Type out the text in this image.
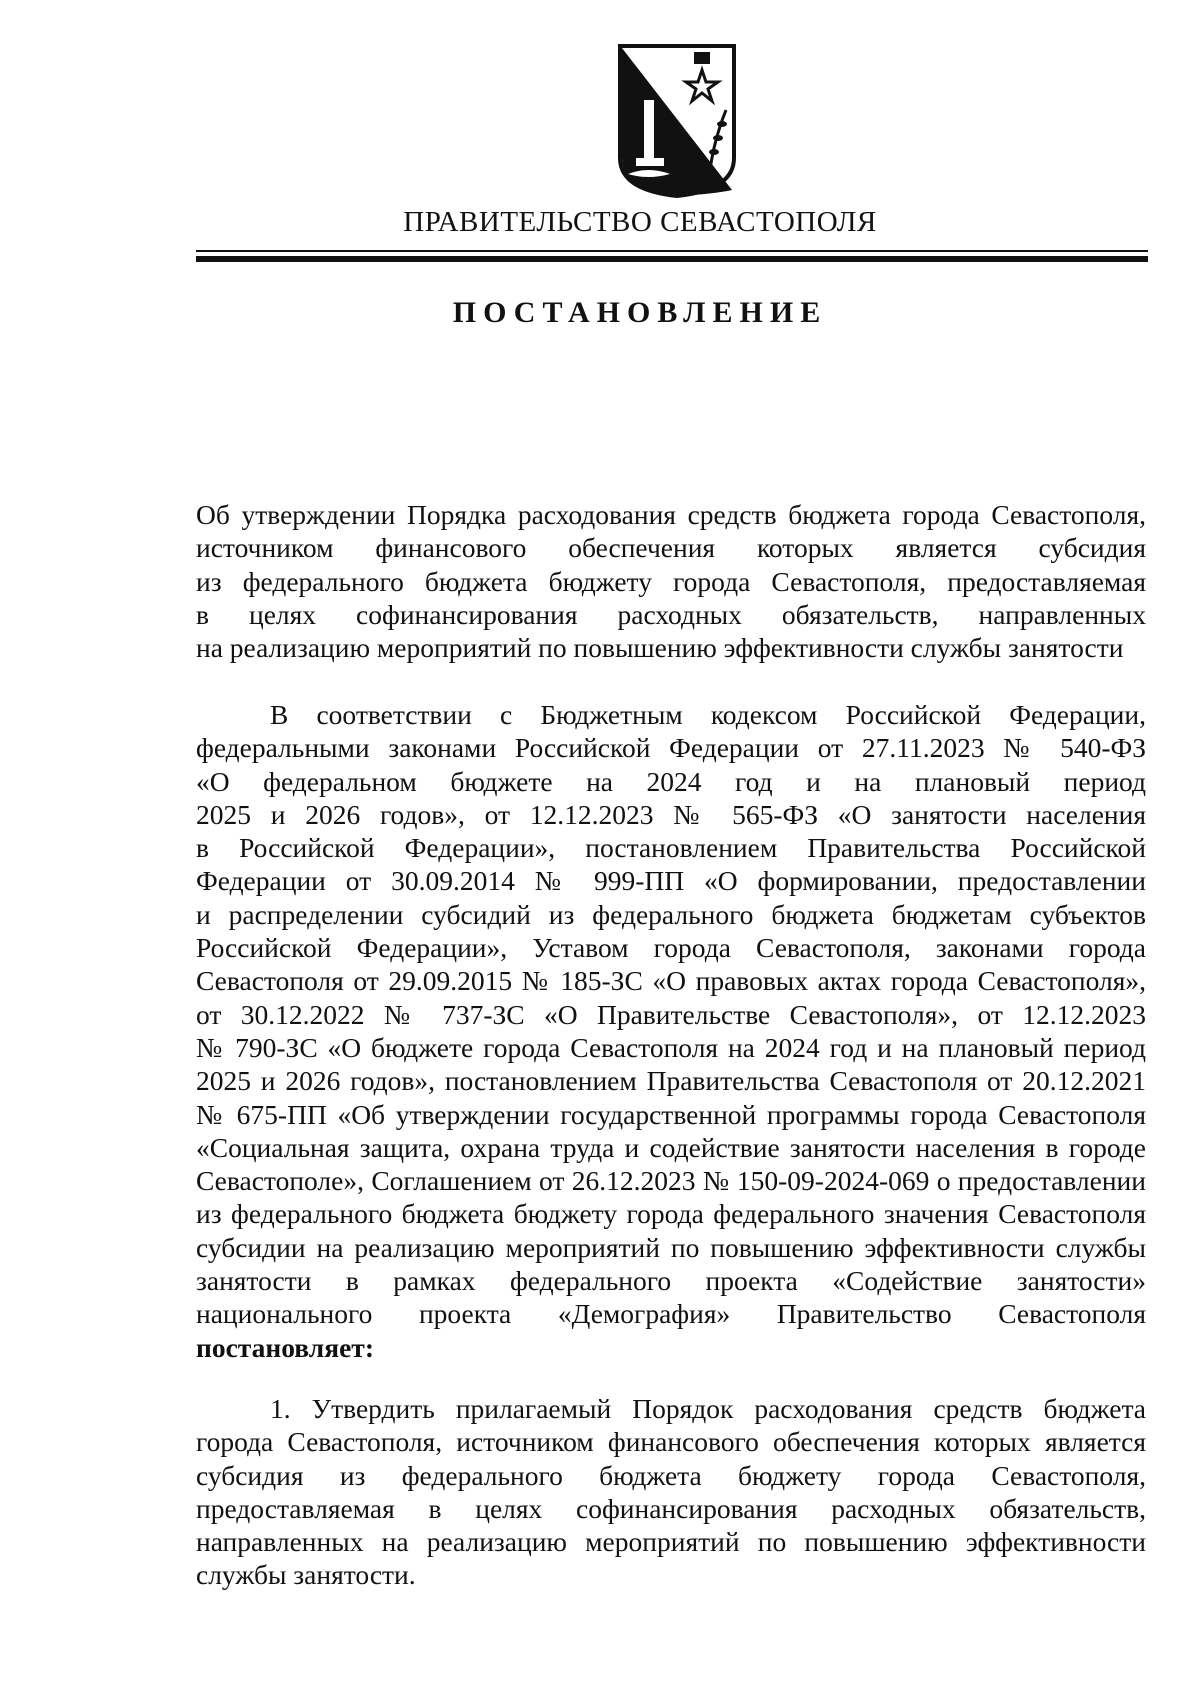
ПРАВИТЕЛЬСТВО СЕВАСТОПОЛЯ
ПОСТАНОВЛЕНИЕ
Об утверждении Порядка расходования средств бюджета города Севастополя,
источником финансового обеспечения которых является субсидия
из федерального бюджета бюджету города Севастополя, предоставляемая
в целях софинансирования расходных обязательств, направленных
на реализацию мероприятий по повышению эффективности службы занятости
В соответствии с Бюджетным кодексом Российской Федерации,
федеральными законами Российской Федерации от 27.11.2023 № 540-ФЗ
«О федеральном бюджете на 2024 год и на плановый период
2025 и 2026 годов», от 12.12.2023 № 565-ФЗ «О занятости населения
в Российской Федерации», постановлением Правительства Российской
Федерации от 30.09.2014 № 999-ПП «О формировании, предоставлении
и распределении субсидий из федерального бюджета бюджетам субъектов
Российской Федерации», Уставом города Севастополя, законами города
Севастополя от 29.09.2015 № 185-ЗС «О правовых актах города Севастополя»,
от 30.12.2022 № 737-ЗС «О Правительстве Севастополя», от 12.12.2023
№ 790-ЗС «О бюджете города Севастополя на 2024 год и на плановый период
2025 и 2026 годов», постановлением Правительства Севастополя от 20.12.2021
№ 675-ПП «Об утверждении государственной программы города Севастополя
«Социальная защита, охрана труда и содействие занятости населения в городе
Севастополе», Соглашением от 26.12.2023 № 150-09-2024-069 о предоставлении
из федерального бюджета бюджету города федерального значения Севастополя
субсидии на реализацию мероприятий по повышению эффективности службы
занятости в рамках федерального проекта «Содействие занятости»
национального проекта «Демография» Правительство Севастополя
постановляет:
1. Утвердить прилагаемый Порядок расходования средств бюджета
города Севастополя, источником финансового обеспечения которых является
субсидия из федерального бюджета бюджету города Севастополя,
предоставляемая в целях софинансирования расходных обязательств,
направленных на реализацию мероприятий по повышению эффективности
службы занятости.
